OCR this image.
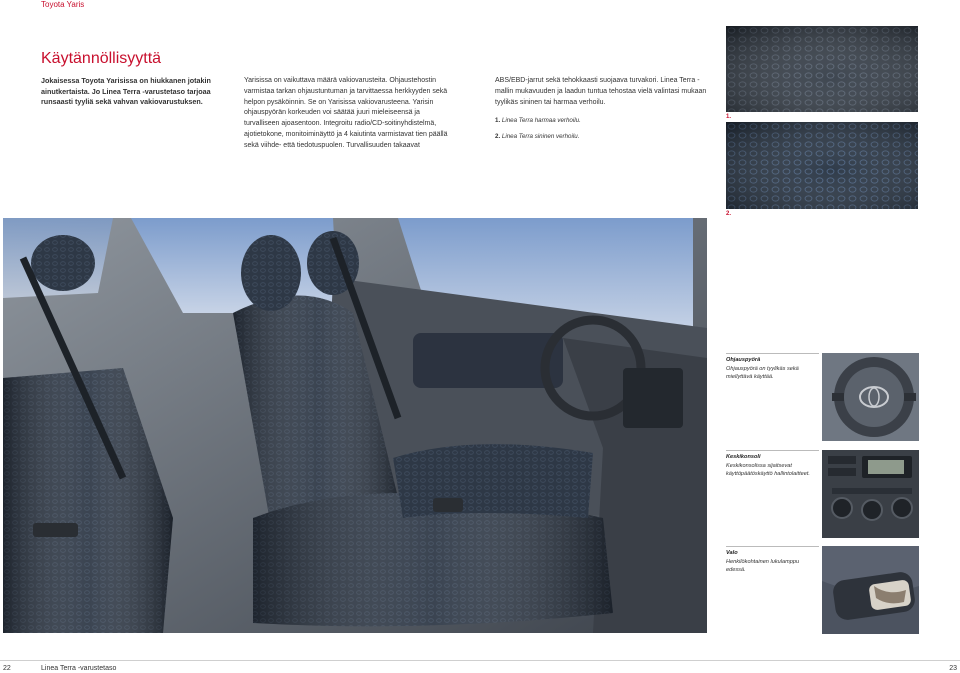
Toyota Yaris
Käytännöllisyyttä
Jokaisessa Toyota Yarisissa on hiukkanen jotakin ainutkertaista. Jo Linea Terra -varustetaso tarjoaa runsaasti tyyliä sekä vahvan vakiovarustuksen.

Yarisissa on vaikuttava määrä vakiovarusteita. Ohjaustehostin varmistaa tarkan ohjaustuntuman ja tarvittaessa herkkyyden sekä helpon pysäköinnin. Se on Yarisissa vakiovarusteena. Yarisin ohjauspyörän korkeuden voi säätää juuri mieleiseensä ja turvalliseen ajoasentoon. Integroitu radio/CD-soitinyhdistelmä, ajotietokone, monitoiminäyttö ja 4 kaiutinta varmistavat tien päällä sekä viihde- että tiedotuspuolen. Turvallisuuden takaavat

ABS/EBD-jarrut sekä tehokkaasti suojaava turvakori. Linea Terra -mallin mukavuuden ja laadun tuntua tehostaa vielä valintasi mukaan tyylikäs sininen tai harmaa verhoilu.

1. Linea Terra harmaa verhoilu.
2. Linea Terra sininen verhoilu.
1.
2.
Ohjauspyörä
Ohjauspyörä on tyylikäs sekä miellyttävä käyttää.
Keskikonsoli
Keskikonsolissa sijaitsevat käyttöpäätöskäyttö hallintolaitteet.
Valo
Henkilökohtainen lukulamppu edessä.
22	Linea Terra -varustetaso	23
